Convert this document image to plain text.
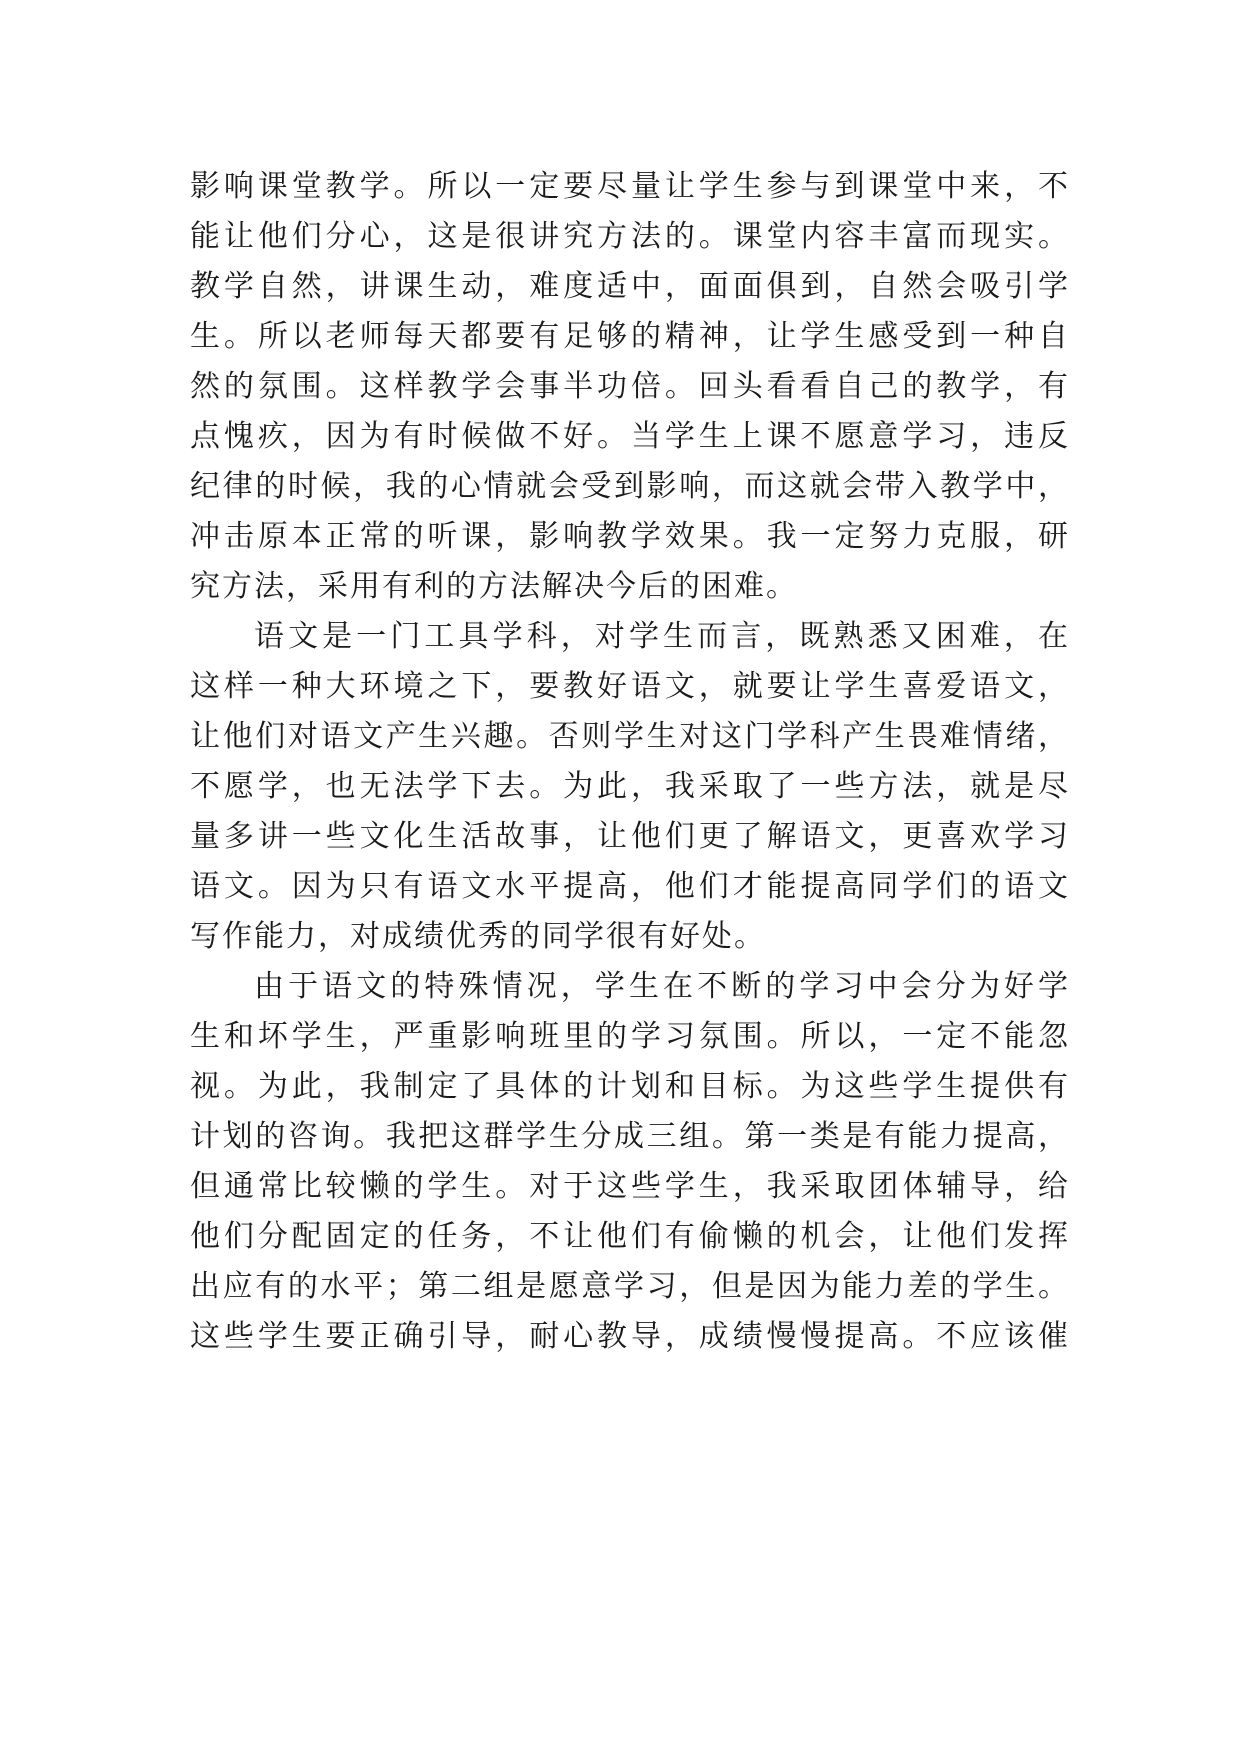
影响课堂教学。所以一定要尽量让学生参与到课堂中来，不
能让他们分心，这是很讲究方法的。课堂内容丰富而现实。
教学自然，讲课生动，难度适中，面面俱到，自然会吸引学
生。所以老师每天都要有足够的精神，让学生感受到一种自
然的氛围。这样教学会事半功倍。回头看看自己的教学，有
点愧疚，因为有时候做不好。当学生上课不愿意学习，违反
纪律的时候，我的心情就会受到影响，而这就会带入教学中，
冲击原本正常的听课，影响教学效果。我一定努力克服，研
究方法，采用有利的方法解决今后的困难。
语文是一门工具学科，对学生而言，既熟悉又困难，在
这样一种大环境之下，要教好语文，就要让学生喜爱语文，
让他们对语文产生兴趣。否则学生对这门学科产生畏难情绪，
不愿学，也无法学下去。为此，我采取了一些方法，就是尽
量多讲一些文化生活故事，让他们更了解语文，更喜欢学习
语文。因为只有语文水平提高，他们才能提高同学们的语文
写作能力，对成绩优秀的同学很有好处。
由于语文的特殊情况，学生在不断的学习中会分为好学
生和坏学生，严重影响班里的学习氛围。所以，一定不能忽
视。为此，我制定了具体的计划和目标。为这些学生提供有
计划的咨询。我把这群学生分成三组。第一类是有能力提高，
但通常比较懒的学生。对于这些学生，我采取团体辅导，给
他们分配固定的任务，不让他们有偷懒的机会，让他们发挥
出应有的水平；第二组是愿意学习，但是因为能力差的学生。
这些学生要正确引导，耐心教导，成绩慢慢提高。不应该催
